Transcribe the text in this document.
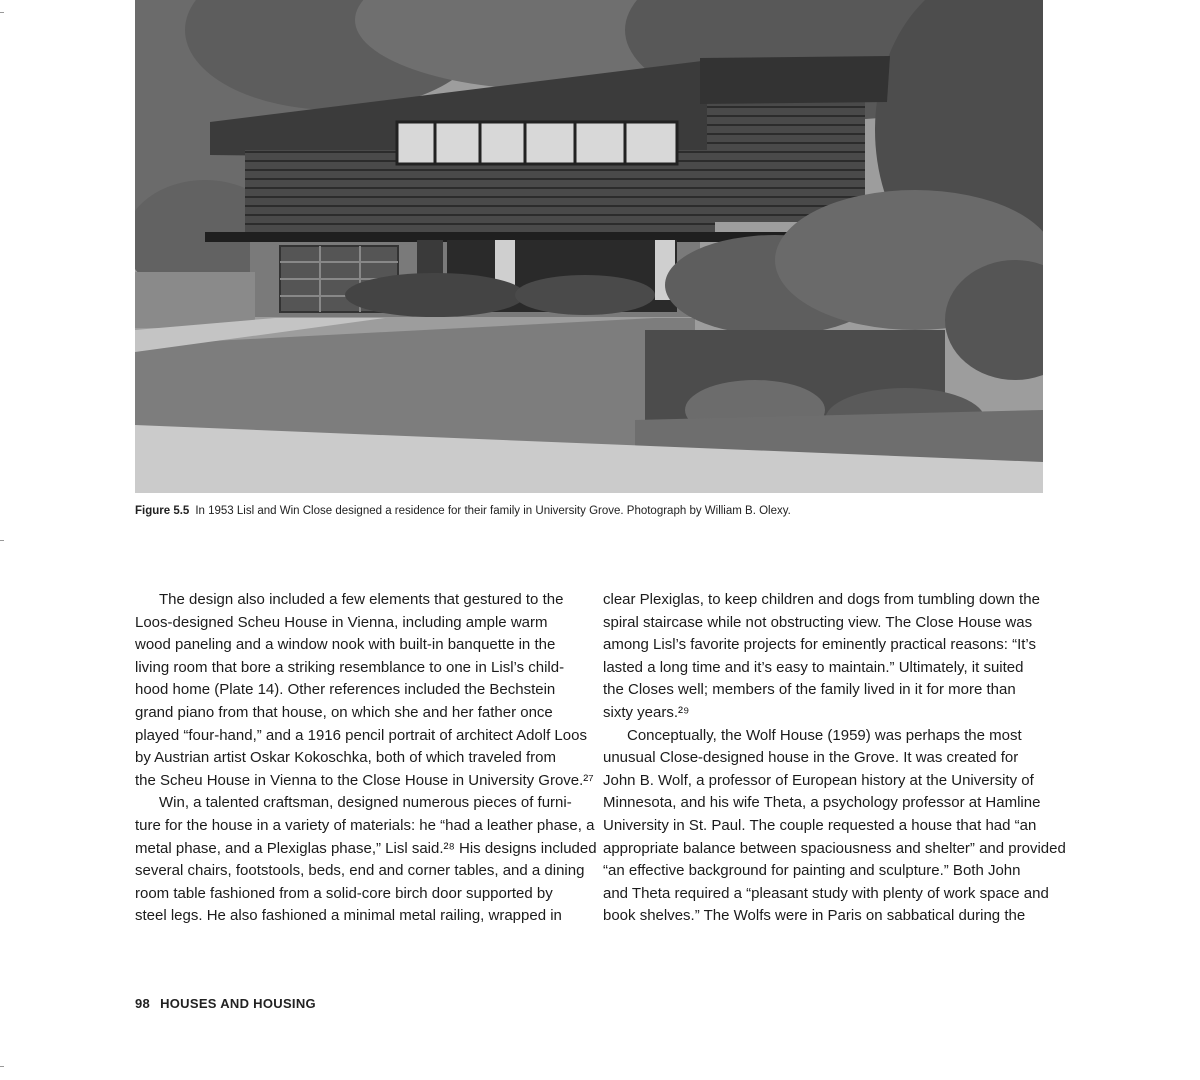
Figure 5.5 In 1953 Lisl and Win Close designed a residence for their family in University Grove. Photograph by William B. Olexy.

The design also included a few elements that gestured to the
Loos-designed Scheu House in Vienna, including ample warm
wood paneling and a window nook with built-in banquette in the
living room that bore a striking resemblance to one in Lisl’s child-
hood home (Plate 14). Other references included the Bechstein
grand piano from that house, on which she and her father once
played “four-hand,” and a 1916 pencil portrait of architect Adolf Loos
by Austrian artist Oskar Kokoschka, both of which traveled from
the Scheu House in Vienna to the Close House in University Grove.²⁷

Win, a talented craftsman, designed numerous pieces of furni-
ture for the house in a variety of materials: he “had a leather phase, a
metal phase, and a Plexiglas phase,” Lisl said.²⁸ His designs included
several chairs, footstools, beds, end and corner tables, and a dining
room table fashioned from a solid-core birch door supported by
steel legs. He also fashioned a minimal metal railing, wrapped in

clear Plexiglas, to keep children and dogs from tumbling down the
spiral staircase while not obstructing view. The Close House was
among Lisl’s favorite projects for eminently practical reasons: “It’s
lasted a long time and it’s easy to maintain.” Ultimately, it suited
the Closes well; members of the family lived in it for more than
sixty years.²⁹

Conceptually, the Wolf House (1959) was perhaps the most
unusual Close-designed house in the Grove. It was created for
John B. Wolf, a professor of European history at the University of
Minnesota, and his wife Theta, a psychology professor at Hamline
University in St. Paul. The couple requested a house that had “an
appropriate balance between spaciousness and shelter” and provided
“an effective background for painting and sculpture.” Both John
and Theta required a “pleasant study with plenty of work space and
book shelves.” The Wolfs were in Paris on sabbatical during the

98 HOUSES AND HOUSING
